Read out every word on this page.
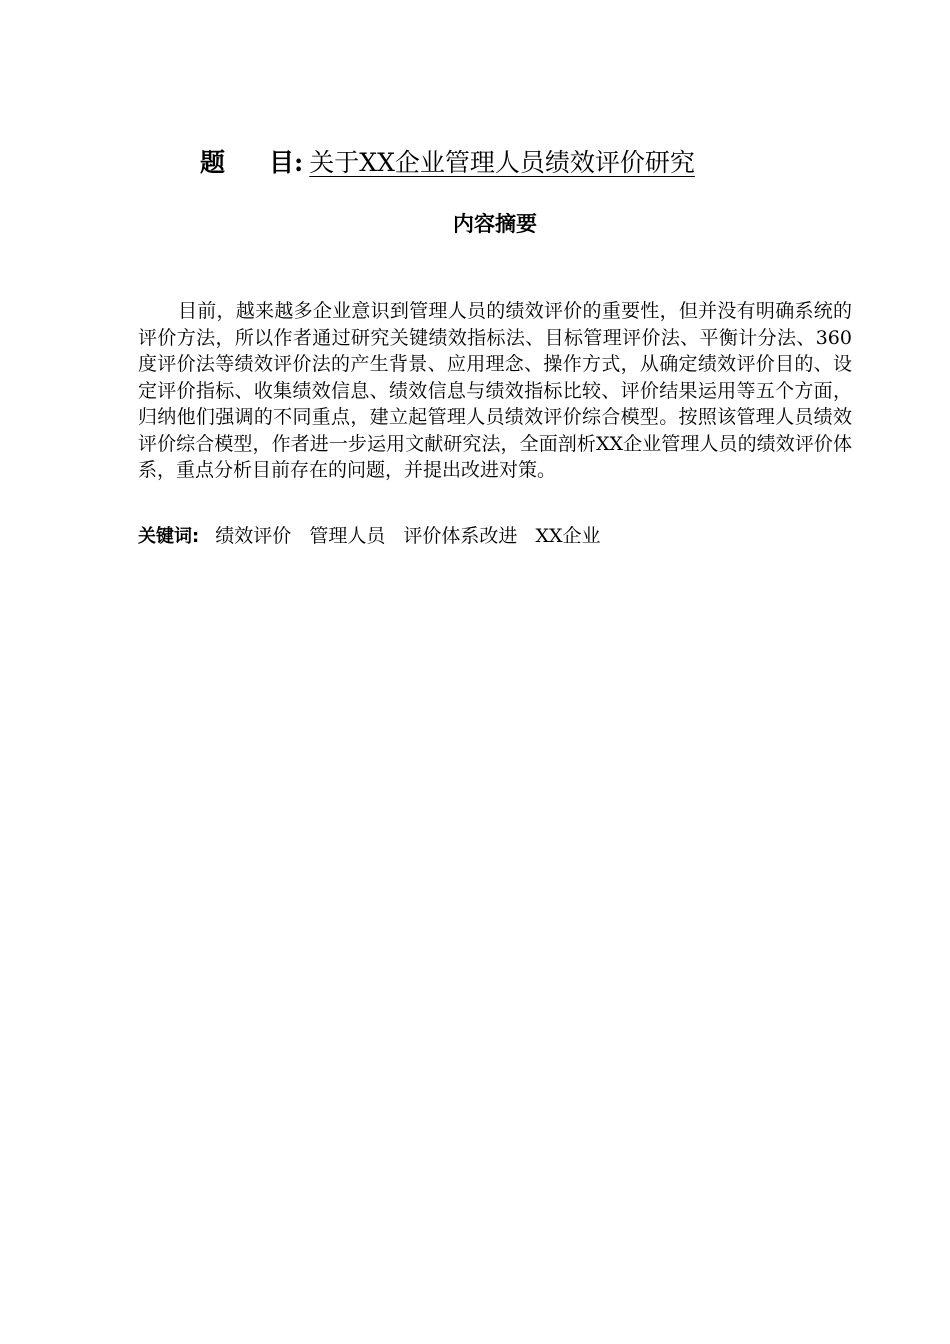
题 目: 关于XX企业管理人员绩效评价研究
内容摘要

目前，越来越多企业意识到管理人员的绩效评价的重要性，但并没有明确系统的评价方法，所以作者通过研究关键绩效指标法、目标管理评价法、平衡计分法、360度评价法等绩效评价法的产生背景、应用理念、操作方式，从确定绩效评价目的、设定评价指标、收集绩效信息、绩效信息与绩效指标比较、评价结果运用等五个方面，归纳他们强调的不同重点，建立起管理人员绩效评价综合模型。按照该管理人员绩效评价综合模型，作者进一步运用文献研究法，全面剖析XX企业管理人员的绩效评价体系，重点分析目前存在的问题，并提出改进对策。

关键词: 绩效评价 管理人员 评价体系改进 XX企业
